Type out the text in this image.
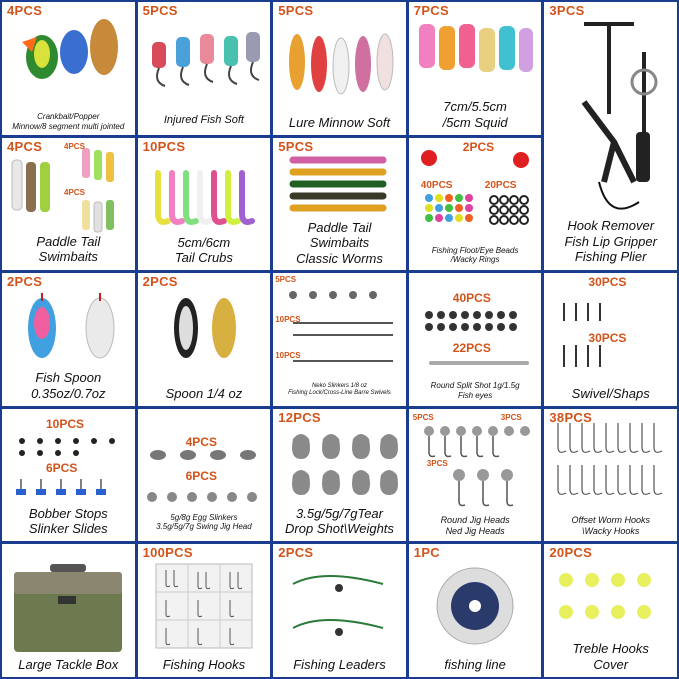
4PCS
Crankbait/Popper
Minnow/8 segment multi jointed
5PCS
Injured Fish Soft
5PCS
Lure Minnow Soft
7PCS
7cm/5.5cm
/5cm Squid
3PCS
Hook Remover
Fish Lip Gripper
Fishing Plier
4PCS	4PCS
4PCS
Paddle Tail
Swimbaits
10PCS
5cm/6cm
Tail Crubs
5PCS
Paddle Tail
Swimbaits
Classic Worms
2PCS
40PCS	20PCS
Fishing Floot/Eye Beads
/Wacky Rings
2PCS
Fish Spoon
0.35oz/0.7oz
2PCS
Spoon 1/4 oz
5PCS
10PCS
10PCS
Neko Slinkers 1/8 oz
Fishing Lock/Cross-Line Barre Swivels
40PCS
22PCS
Round Split Shot 1g/1.5g
Fish eyes
30PCS
30PCS
Swivel/Shaps
10PCS
6PCS
Bobber Stops
Slinker Slides
4PCS
6PCS
5g/8g Egg Slinkers
3.5g/5g/7g Swing Jig Head
12PCS
3.5g/5g/7gTear
Drop Shot\Weights
5PCS	3PCS
3PCS
Round Jig Heads
Ned Jig Heads
38PCS
Offset Worm Hooks
\Wacky Hooks
Large Tackle Box
100PCS
Fishing Hooks
2PCS
Fishing Leaders
1PC
fishing line
20PCS
Treble Hooks
Cover
